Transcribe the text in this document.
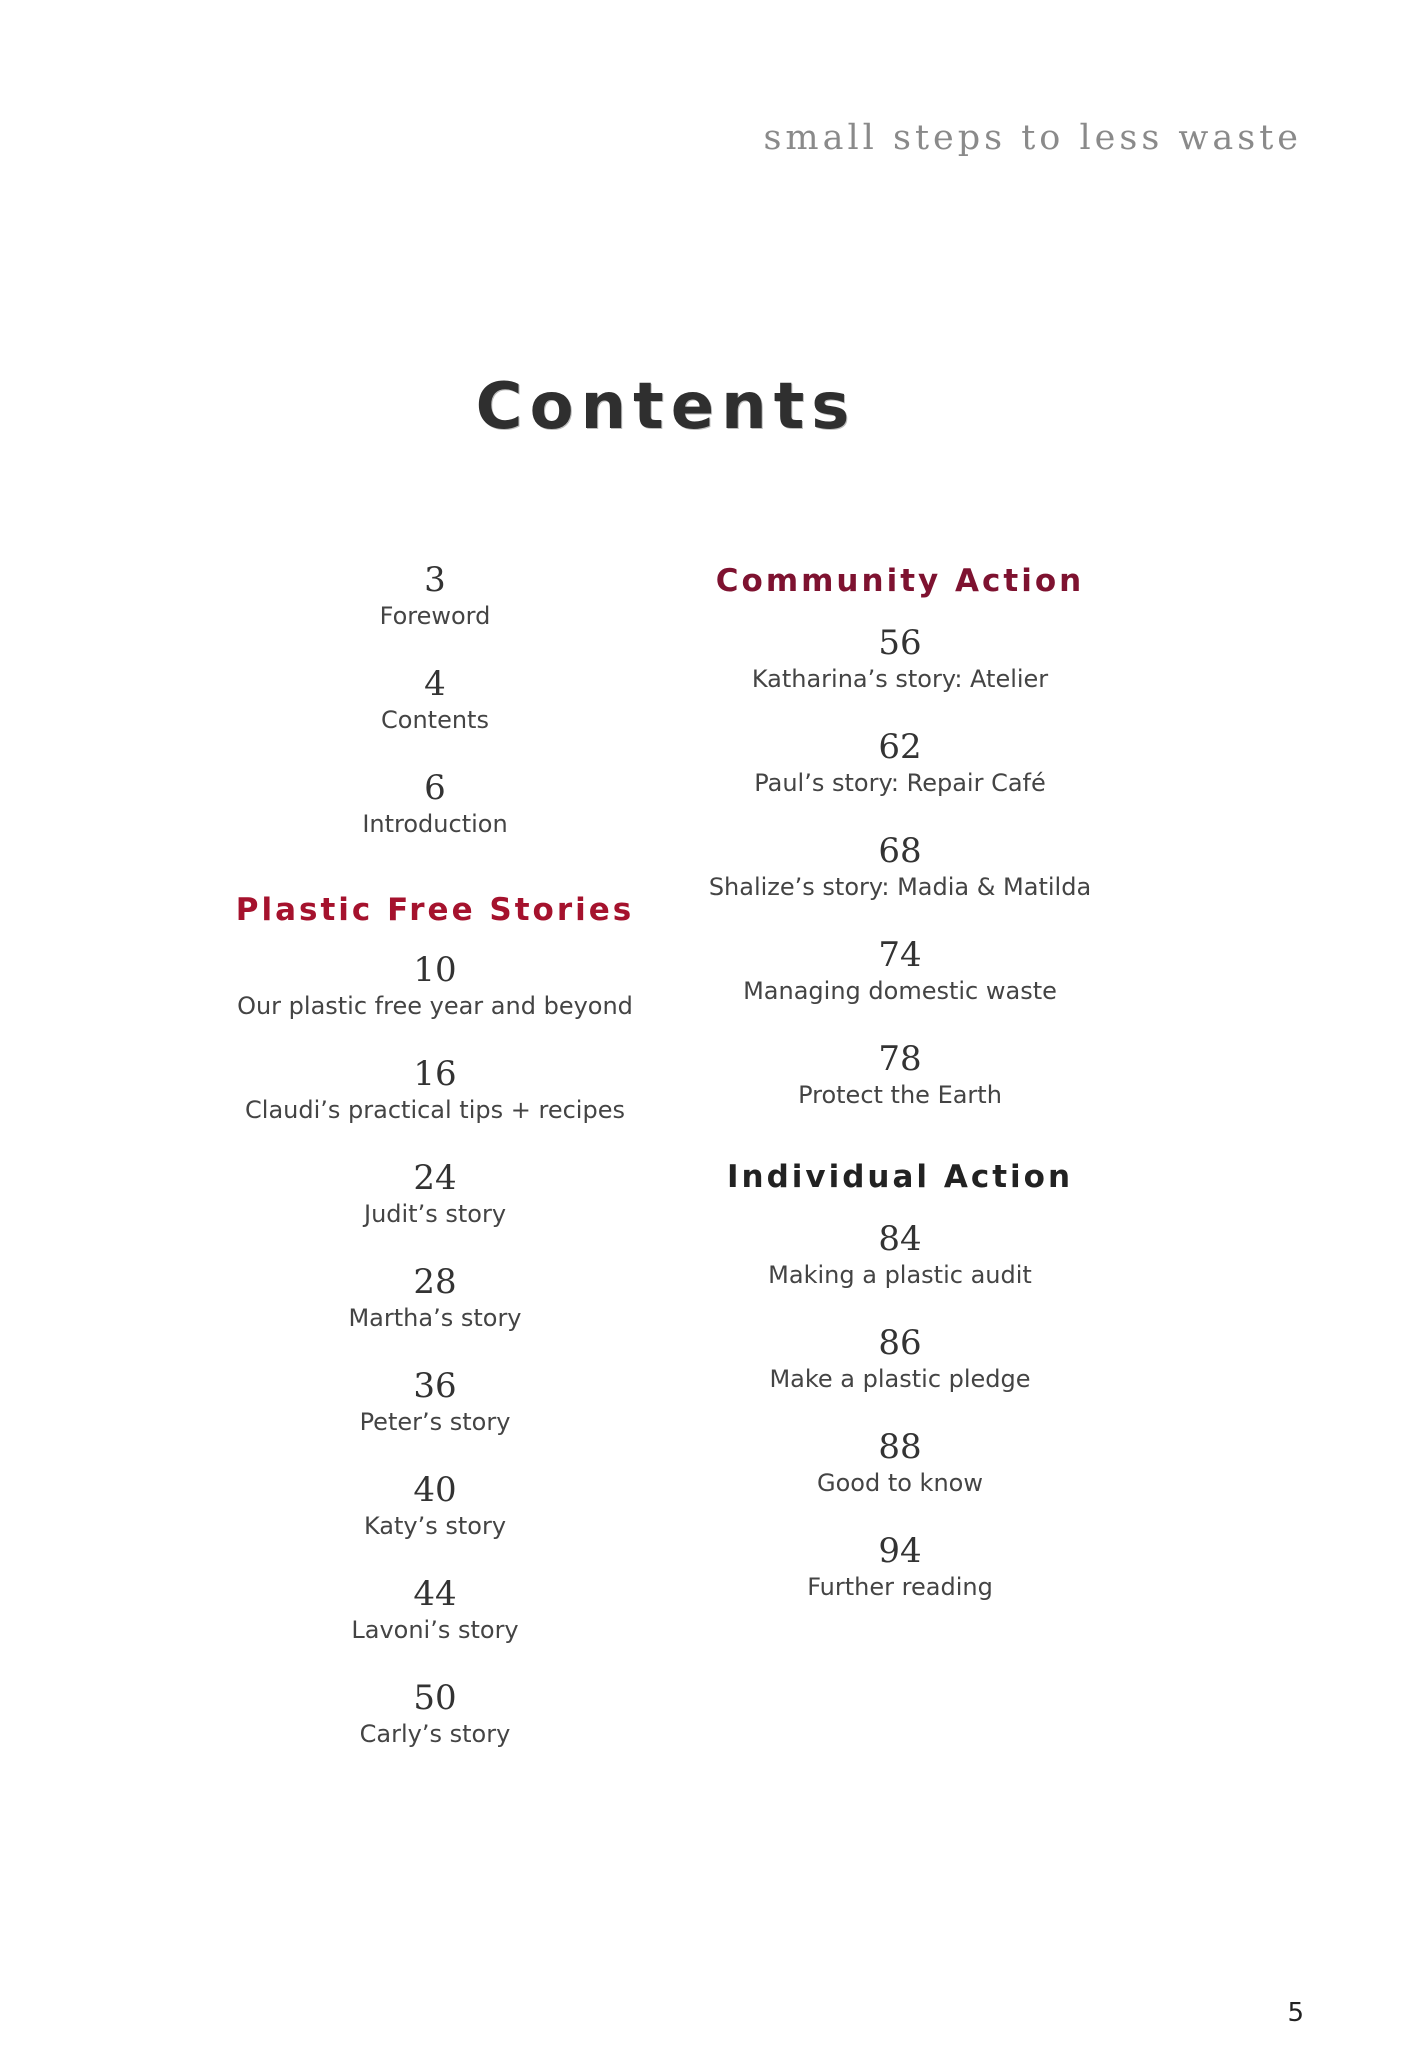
small steps to less waste
Contents
3
Foreword
4
Contents
6
Introduction
Plastic Free Stories
10
Our plastic free year and beyond
16
Claudi’s practical tips + recipes
24
Judit’s story
28
Martha’s story
36
Peter’s story
40
Katy’s story
44
Lavoni’s story
50
Carly’s story
Community Action
56
Katharina’s story: Atelier
62
Paul’s story: Repair Café
68
Shalize’s story: Madia & Matilda
74
Managing domestic waste
78
Protect the Earth
Individual Action
84
Making a plastic audit
86
Make a plastic pledge
88
Good to know
94
Further reading
5
